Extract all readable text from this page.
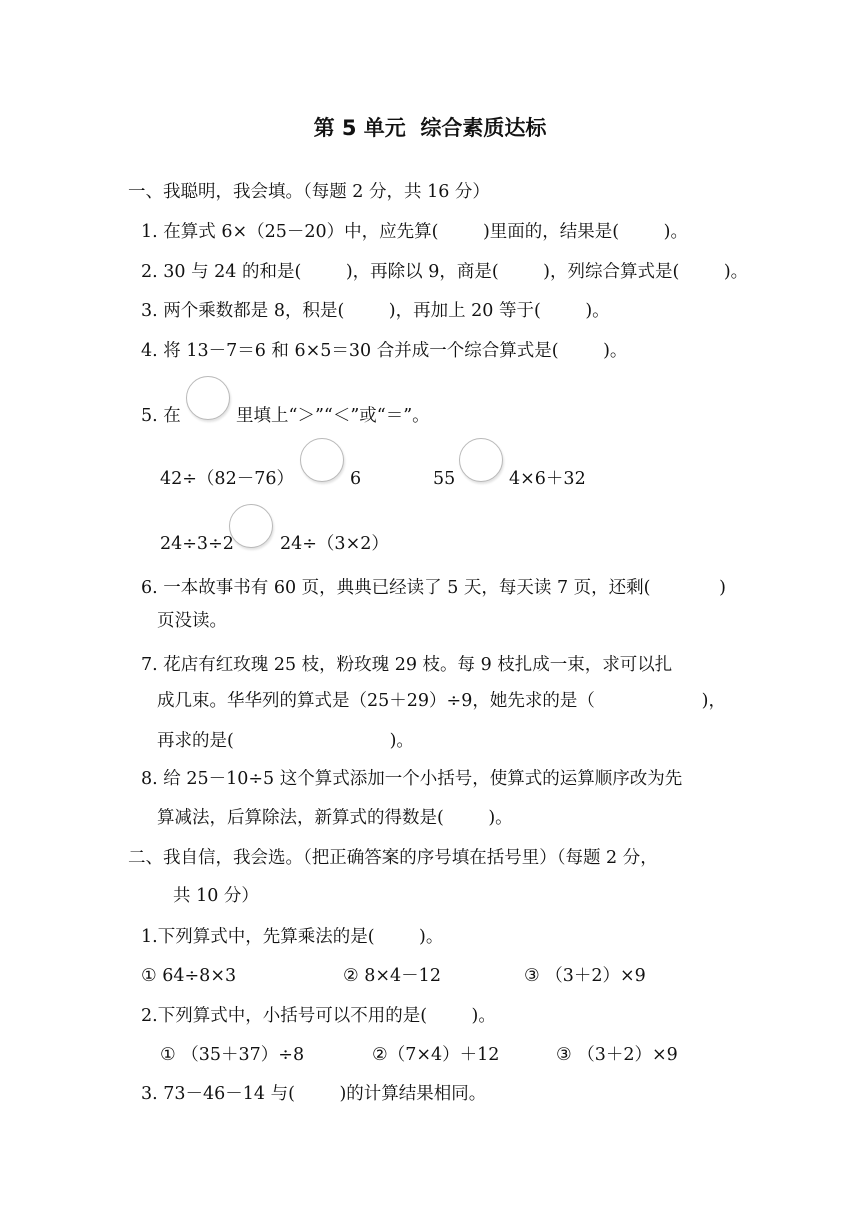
第 5 单元  综合素质达标
一、我聪明，我会填。（每题 2 分，共 16 分）
1. 在算式 6×（25－20）中，应先算(        )里面的，结果是(        )。
2. 30 与 24 的和是(        )，再除以 9，商是(        )，列综合算式是(        )。
3. 两个乘数都是 8，积是(        )，再加上 20 等于(        )。
4. 将 13－7＝6 和 6×5＝30 合并成一个综合算式是(        )。
5. 在	里填上“＞”“＜”或“＝”。
42÷（82－76）	6	55	4×6＋32
24÷3÷2	24÷（3×2）
6. 一本故事书有 60 页，典典已经读了 5 天，每天读 7 页，还剩(	)
页没读。
7. 花店有红玫瑰 25 枝，粉玫瑰 29 枝。每 9 枝扎成一束，求可以扎
成几束。华华列的算式是（25＋29）÷9，她先求的是（	)，
再求的是(                            )。
8. 给 25－10÷5 这个算式添加一个小括号，使算式的运算顺序改为先
算减法，后算除法，新算式的得数是(        )。
二、我自信，我会选。（把正确答案的序号填在括号里）（每题 2 分，
共 10 分）
1.下列算式中，先算乘法的是(        )。
① 64÷8×3	② 8×4－12	③ （3＋2）×9
2.下列算式中，小括号可以不用的是(        )。
① （35＋37）÷8	②（7×4）＋12	③ （3＋2）×9
3. 73－46－14 与(        )的计算结果相同。
